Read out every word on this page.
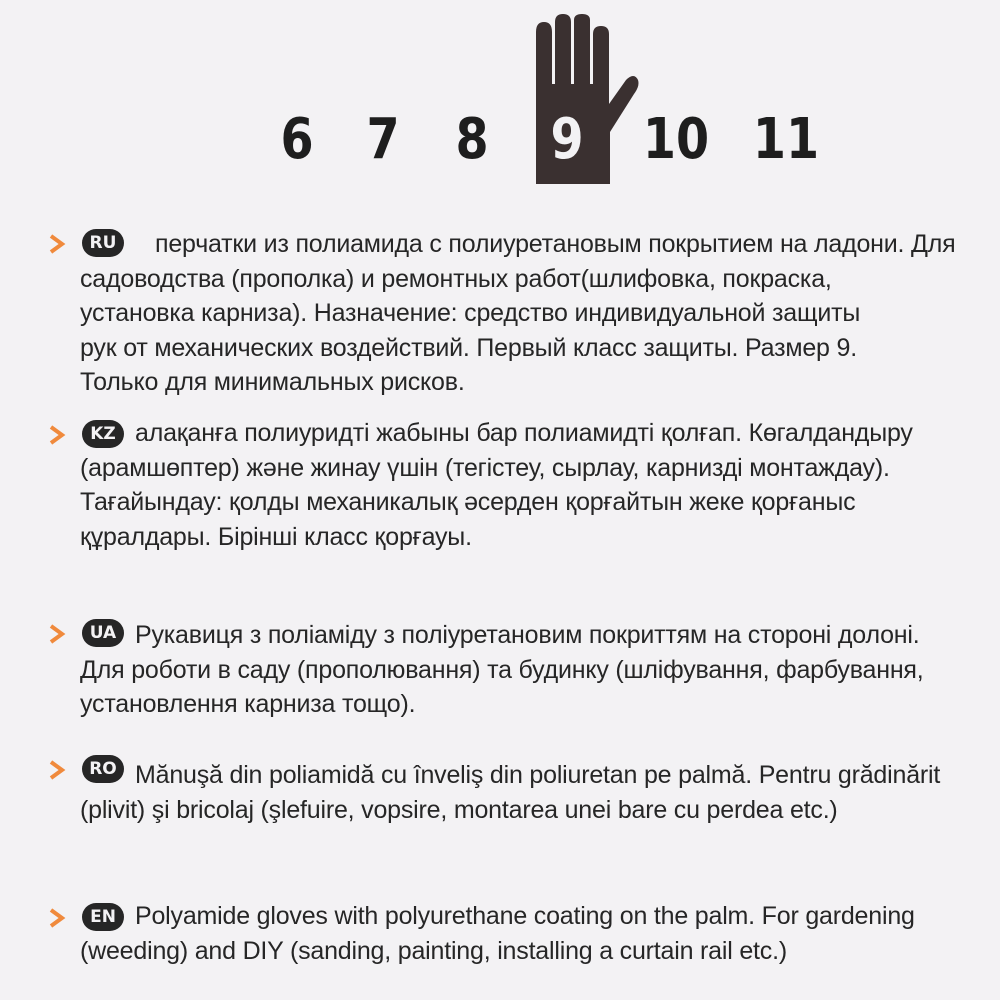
6 7 8 9 10 11
RU	перчатки из полиамида с полиуретановым покрытием на ладони. Для
садоводства (прополка) и ремонтных работ(шлифовка, покраска,
установка карниза). Назначение: средство индивидуальной защиты
рук от механических воздействий. Первый класс защиты. Размер 9.
Только для минимальных рисков.
KZ алақанға полиуридті жабыны бар полиамидті қолғап. Көгалдандыру
(арамшөптер) және жинау үшін (тегістеу, сырлау, карнизді монтаждау).
Тағайындау: қолды механикалық әсерден қорғайтын жеке қорғаныс
құралдары. Бірінші класс қорғауы.
UA Рукавиця з поліаміду з поліуретановим покриттям на стороні долоні.
Для роботи в саду (прополювання) та будинку (шліфування, фарбування,
установлення карниза тощо).
RO Mănuşă din poliamidă cu înveliş din poliuretan pe palmă. Pentru grădinărit
(plivit) şi bricolaj (şlefuire, vopsire, montarea unei bare cu perdea etc.)
EN Polyamide gloves with polyurethane coating on the palm. For gardening
(weeding) and DIY (sanding, painting, installing a curtain rail etc.)
